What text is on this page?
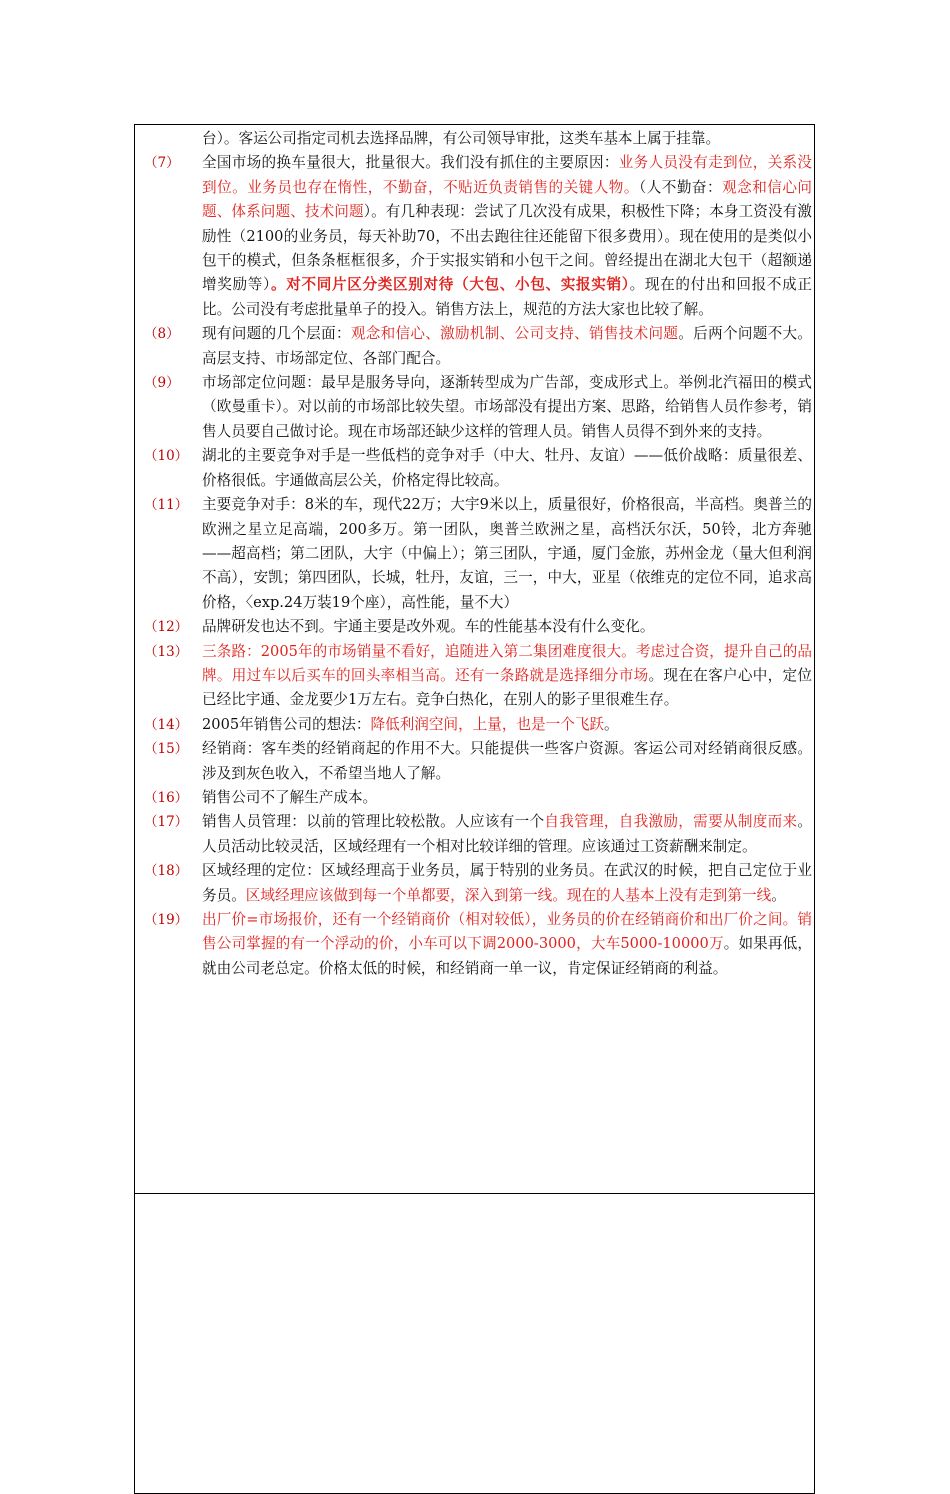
台）。客运公司指定司机去选择品牌，有公司领导审批，这类车基本上属于挂靠。
（7）	全国市场的换车量很大，批量很大。我们没有抓住的主要原因：业务人员没有走到位，关系没到位。业务员也存在惰性，不勤奋，不贴近负责销售的关键人物。（人不勤奋：观念和信心问题、体系问题、技术问题）。有几种表现：尝试了几次没有成果，积极性下降；本身工资没有激励性（2100的业务员，每天补助70，不出去跑往往还能留下很多费用）。现在使用的是类似小包干的模式，但条条框框很多，介于实报实销和小包干之间。曾经提出在湖北大包干（超额递增奖励等）。对不同片区分类区别对待（大包、小包、实报实销）。现在的付出和回报不成正比。公司没有考虑批量单子的投入。销售方法上，规范的方法大家也比较了解。
（8）	现有问题的几个层面：观念和信心、激励机制、公司支持、销售技术问题。后两个问题不大。高层支持、市场部定位、各部门配合。
（9）	市场部定位问题：最早是服务导向，逐渐转型成为广告部，变成形式上。举例北汽福田的模式（欧曼重卡）。对以前的市场部比较失望。市场部没有提出方案、思路，给销售人员作参考，销售人员要自己做讨论。现在市场部还缺少这样的管理人员。销售人员得不到外来的支持。
（10） 湖北的主要竞争对手是一些低档的竞争对手（中大、牡丹、友谊）——低价战略：质量很差、价格很低。宇通做高层公关，价格定得比较高。
（11） 主要竞争对手：8米的车，现代22万；大宇9米以上，质量很好，价格很高，半高档。奥普兰的欧洲之星立足高端，200多万。第一团队，奥普兰欧洲之星，高档沃尔沃，50铃，北方奔驰——超高档；第二团队，大宇（中偏上）；第三团队，宇通，厦门金旅，苏州金龙（量大但利润不高），安凯；第四团队，长城，牡丹，友谊，三一，中大，亚星（依维克的定位不同，追求高价格，〈exp.24万装19个座），高性能，量不大）
（12） 品牌研发也达不到。宇通主要是改外观。车的性能基本没有什么变化。
（13） 三条路：2005年的市场销量不看好，追随进入第二集团难度很大。考虑过合资，提升自己的品牌。用过车以后买车的回头率相当高。还有一条路就是选择细分市场。现在在客户心中，定位已经比宇通、金龙要少1万左右。竞争白热化，在别人的影子里很难生存。
（14） 2005年销售公司的想法：降低利润空间，上量，也是一个飞跃。
（15） 经销商：客车类的经销商起的作用不大。只能提供一些客户资源。客运公司对经销商很反感。涉及到灰色收入，不希望当地人了解。
（16） 销售公司不了解生产成本。
（17） 销售人员管理：以前的管理比较松散。人应该有一个自我管理，自我激励，需要从制度而来。人员活动比较灵活，区域经理有一个相对比较详细的管理。应该通过工资薪酬来制定。
（18） 区域经理的定位：区域经理高于业务员，属于特别的业务员。在武汉的时候，把自己定位于业务员。区域经理应该做到每一个单都要，深入到第一线。现在的人基本上没有走到第一线。
（19） 出厂价=市场报价，还有一个经销商价（相对较低），业务员的价在经销商价和出厂价之间。销售公司掌握的有一个浮动的价，小车可以下调2000-3000，大车5000-10000万。如果再低，就由公司老总定。价格太低的时候，和经销商一单一议，肯定保证经销商的利益。
